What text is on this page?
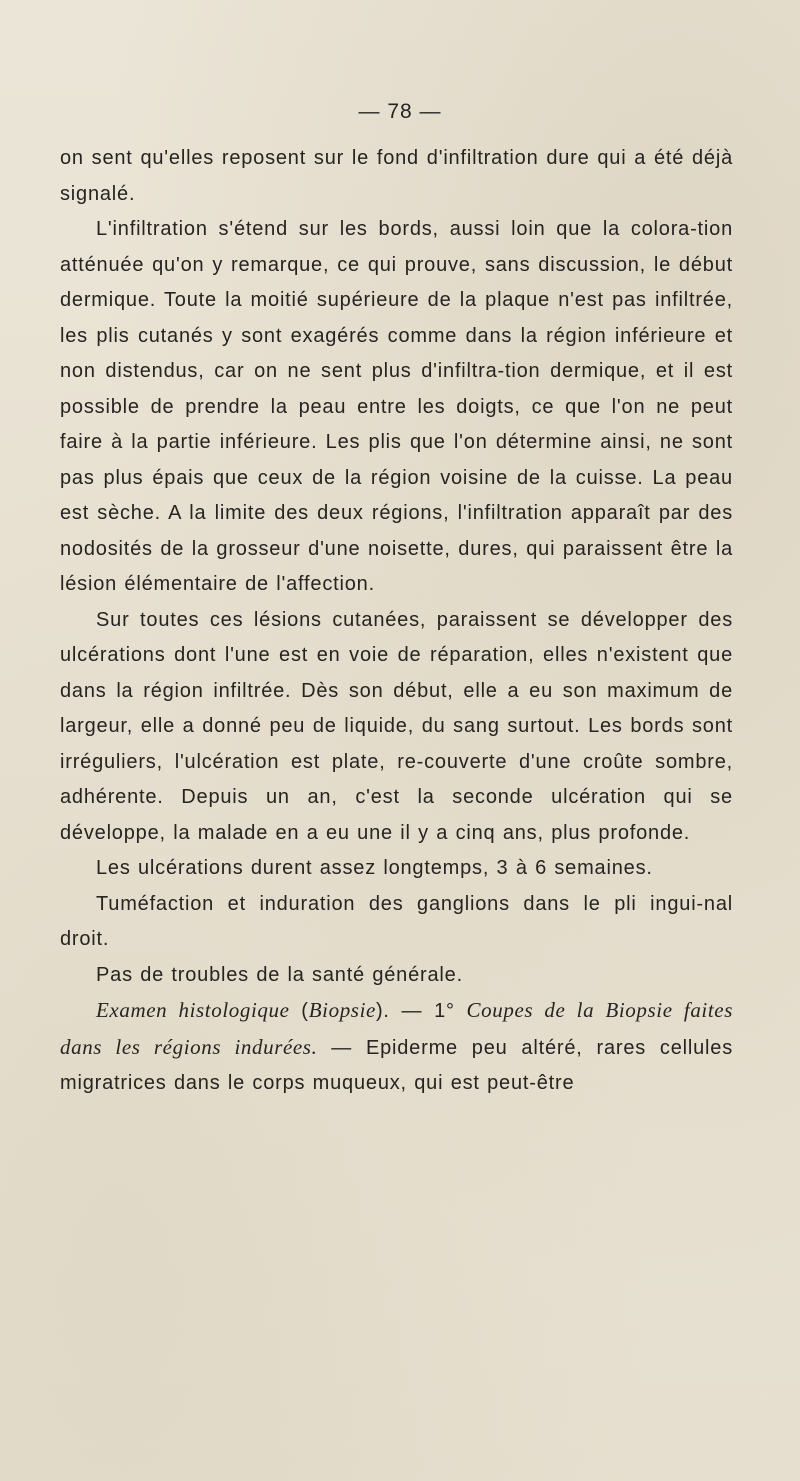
— 78 —

on sent qu'elles reposent sur le fond d'infiltration dure qui a été déjà signalé.

L'infiltration s'étend sur les bords, aussi loin que la colora-tion atténuée qu'on y remarque, ce qui prouve, sans discussion, le début dermique. Toute la moitié supérieure de la plaque n'est pas infiltrée, les plis cutanés y sont exagérés comme dans la région inférieure et non distendus, car on ne sent plus d'infiltra-tion dermique, et il est possible de prendre la peau entre les doigts, ce que l'on ne peut faire à la partie inférieure. Les plis que l'on détermine ainsi, ne sont pas plus épais que ceux de la région voisine de la cuisse. La peau est sèche. A la limite des deux régions, l'infiltration apparaît par des nodosités de la grosseur d'une noisette, dures, qui paraissent être la lésion élémentaire de l'affection.

Sur toutes ces lésions cutanées, paraissent se développer des ulcérations dont l'une est en voie de réparation, elles n'existent que dans la région infiltrée. Dès son début, elle a eu son maximum de largeur, elle a donné peu de liquide, du sang surtout. Les bords sont irréguliers, l'ulcération est plate, re-couverte d'une croûte sombre, adhérente. Depuis un an, c'est la seconde ulcération qui se développe, la malade en a eu une il y a cinq ans, plus profonde.

Les ulcérations durent assez longtemps, 3 à 6 semaines.

Tuméfaction et induration des ganglions dans le pli ingui-nal droit.

Pas de troubles de la santé générale.

Examen histologique (Biopsie). — 1° Coupes de la Biopsie faites dans les régions indurées. — Epiderme peu altéré, rares cellules migratrices dans le corps muqueux, qui est peut-être
